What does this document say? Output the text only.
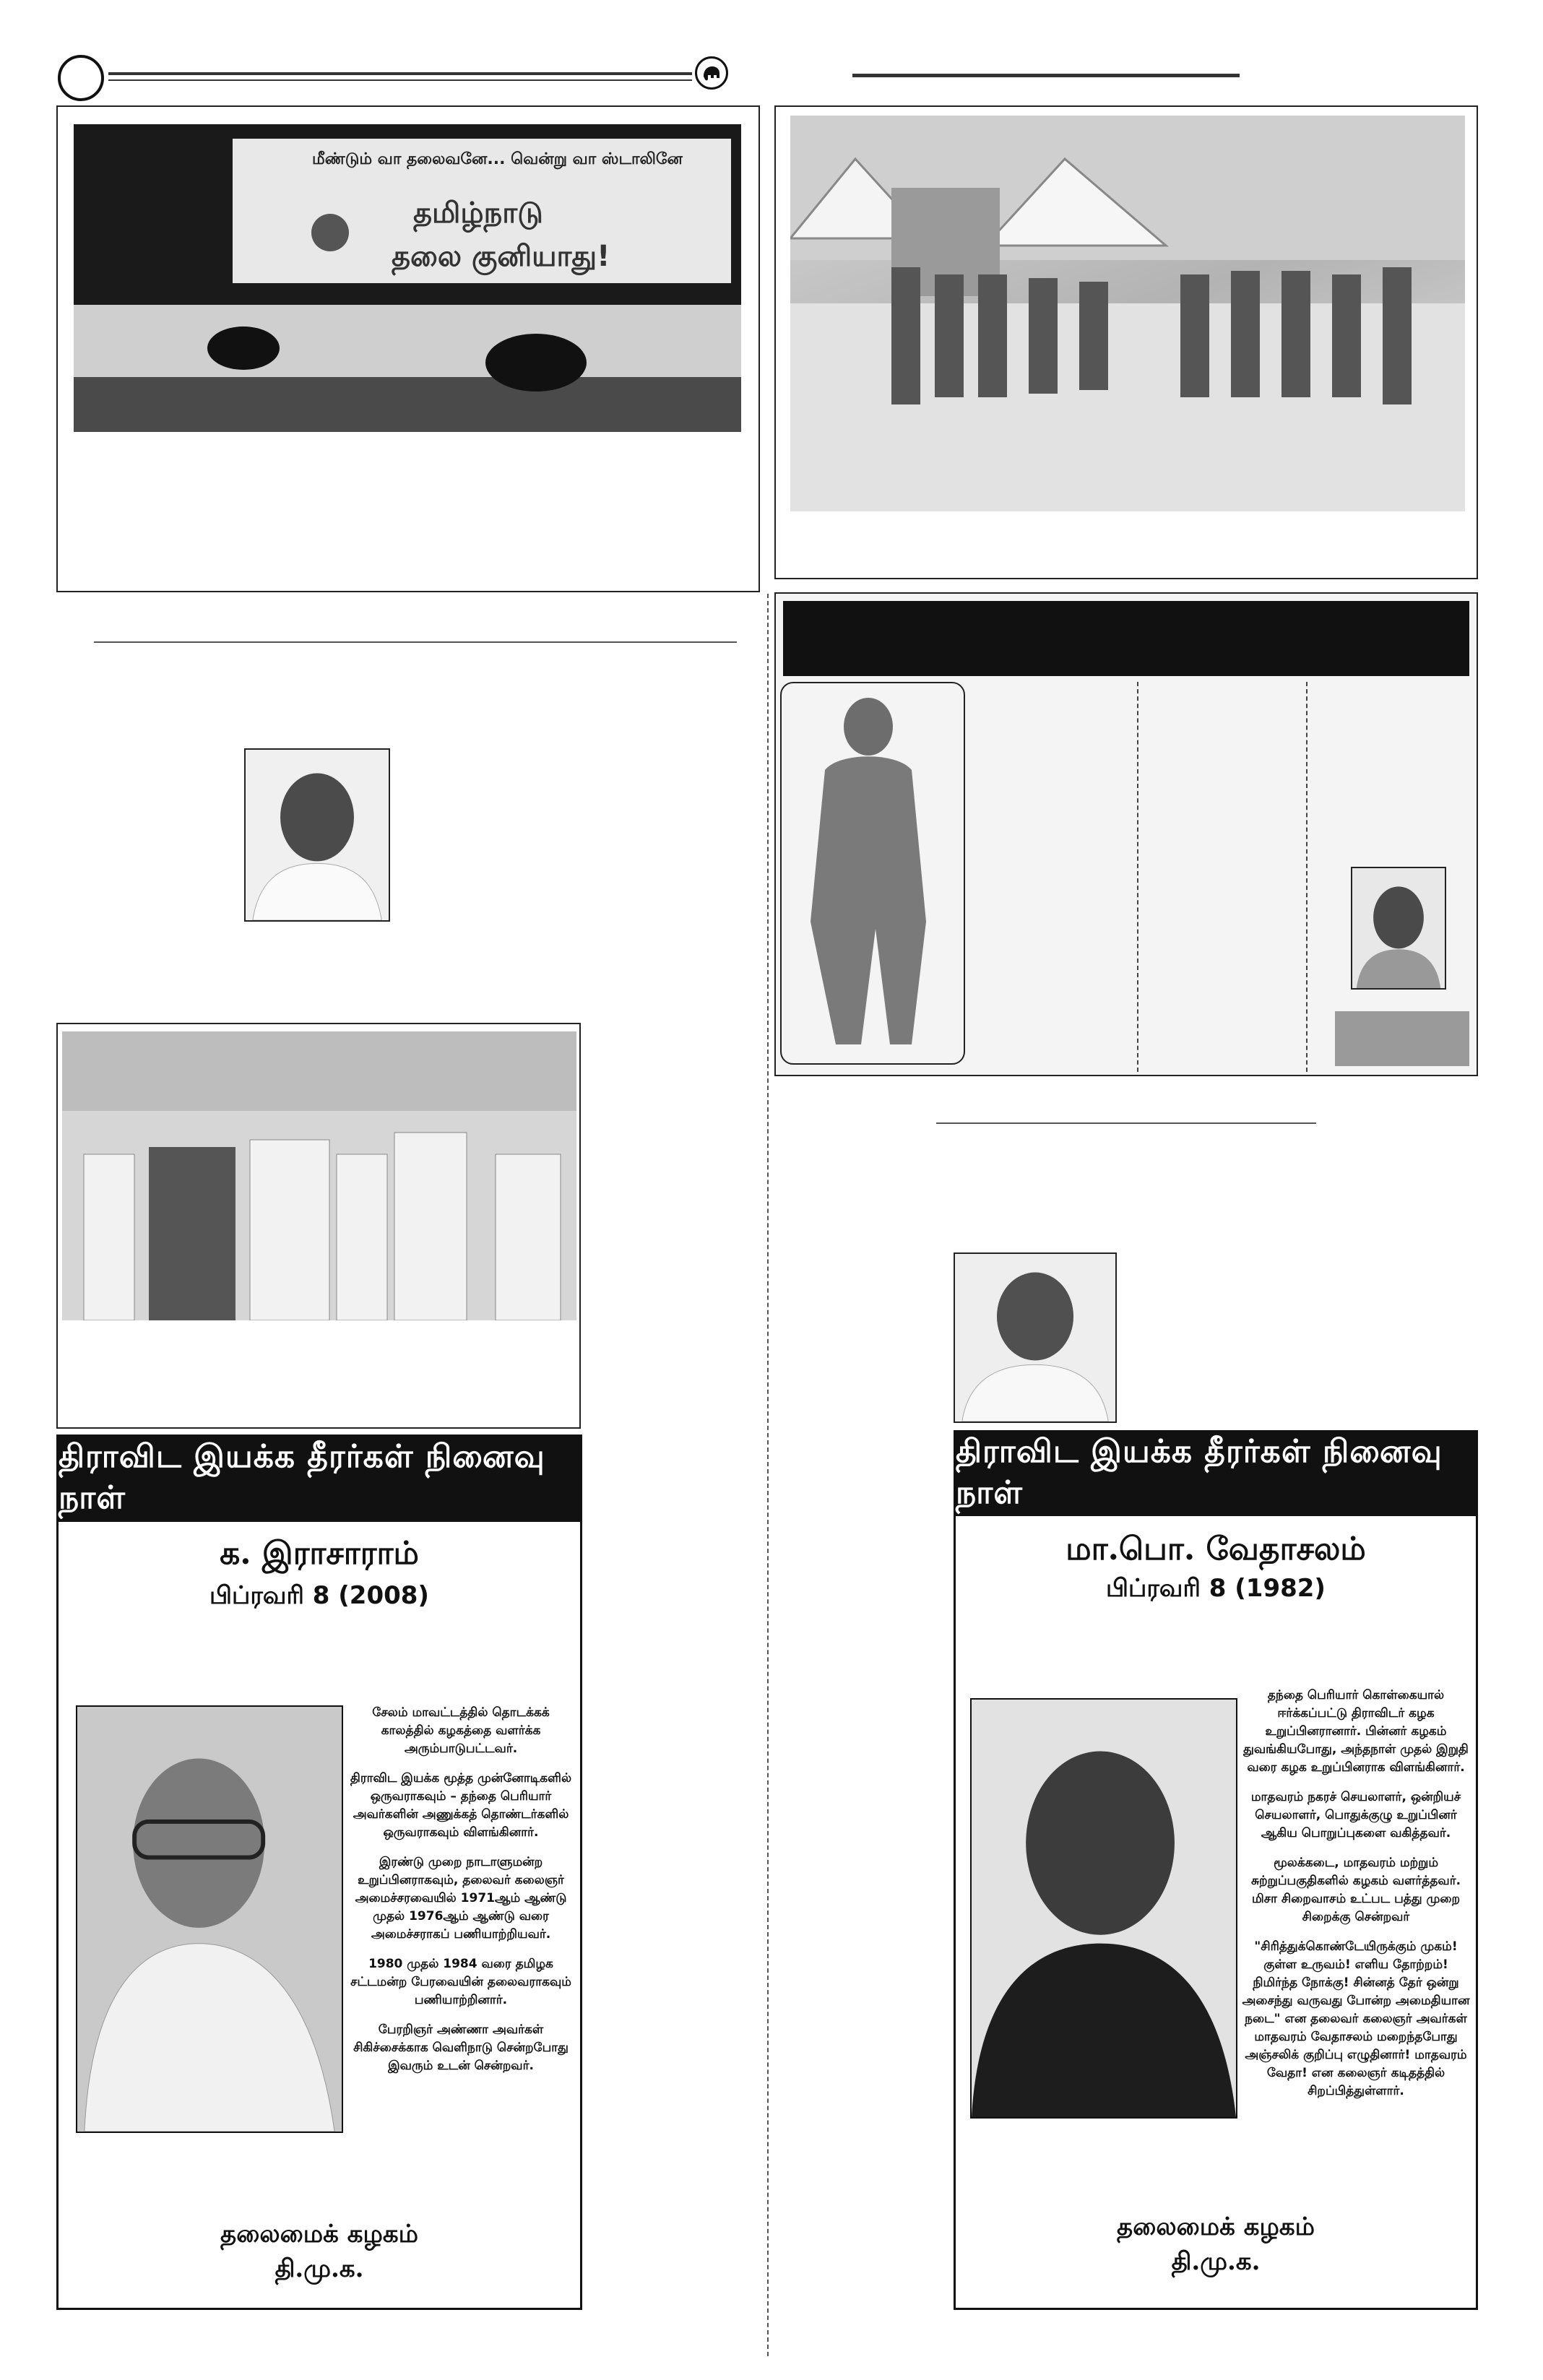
மீண்டும் வா தலைவனே... வென்று வா ஸ்டாலினே
தமிழ்நாடு
தலை குனியாது!
திராவிட இயக்க தீரர்கள் நினைவு நாள்
க. இராசாராம்
பிப்ரவரி 8 (2008)

சேலம் மாவட்டத்தில் தொடக்கக் காலத்தில் கழகத்தை வளர்க்க அரும்பாடுபட்டவர்.

திராவிட இயக்க மூத்த முன்னோடிகளில் ஒருவராகவும் – தந்தை பெரியார் அவர்களின் அணுக்கத் தொண்டர்களில் ஒருவராகவும் விளங்கினார்.

இரண்டு முறை நாடாளுமன்ற உறுப்பினராகவும், தலைவர் கலைஞர் அமைச்சரவையில் 1971ஆம் ஆண்டு முதல் 1976ஆம் ஆண்டு வரை அமைச்சராகப் பணியாற்றியவர்.

1980 முதல் 1984 வரை தமிழக சட்டமன்ற பேரவையின் தலைவராகவும் பணியாற்றினார்.

பேரறிஞர் அண்ணா அவர்கள் சிகிச்சைக்காக வெளிநாடு சென்றபோது இவரும் உடன் சென்றவர்.

தலைமைக் கழகம்
தி.மு.க.
திராவிட இயக்க தீரர்கள் நினைவு நாள்
மா.பொ. வேதாசலம்
பிப்ரவரி 8 (1982)

தந்தை பெரியார் கொள்கையால் ஈர்க்கப்பட்டு திராவிடர் கழக உறுப்பினரானார். பின்னர் கழகம் துவங்கியபோது, அந்தநாள் முதல் இறுதி வரை கழக உறுப்பினராக விளங்கினார்.

மாதவரம் நகரச் செயலாளர், ஒன்றியச் செயலாளர், பொதுக்குழு உறுப்பினர் ஆகிய பொறுப்புகளை வகித்தவர்.

மூலக்கடை, மாதவரம் மற்றும் சுற்றுப்பகுதிகளில் கழகம் வளர்த்தவர். மிசா சிறைவாசம் உட்பட பத்து முறை சிறைக்கு சென்றவர்

"சிரித்துக்கொண்டேயிருக்கும் முகம்! குள்ள உருவம்! எளிய தோற்றம்! நிமிர்ந்த நோக்கு! சின்னத் தேர் ஒன்று அசைந்து வருவது போன்ற அமைதியான நடை" என தலைவர் கலைஞர் அவர்கள் மாதவரம் வேதாசலம் மறைந்தபோது அஞ்சலிக் குறிப்பு எழுதினார்! மாதவரம் வேதா! என கலைஞர் கடிதத்தில் சிறப்பித்துள்ளார்.

தலைமைக் கழகம்
தி.மு.க.
